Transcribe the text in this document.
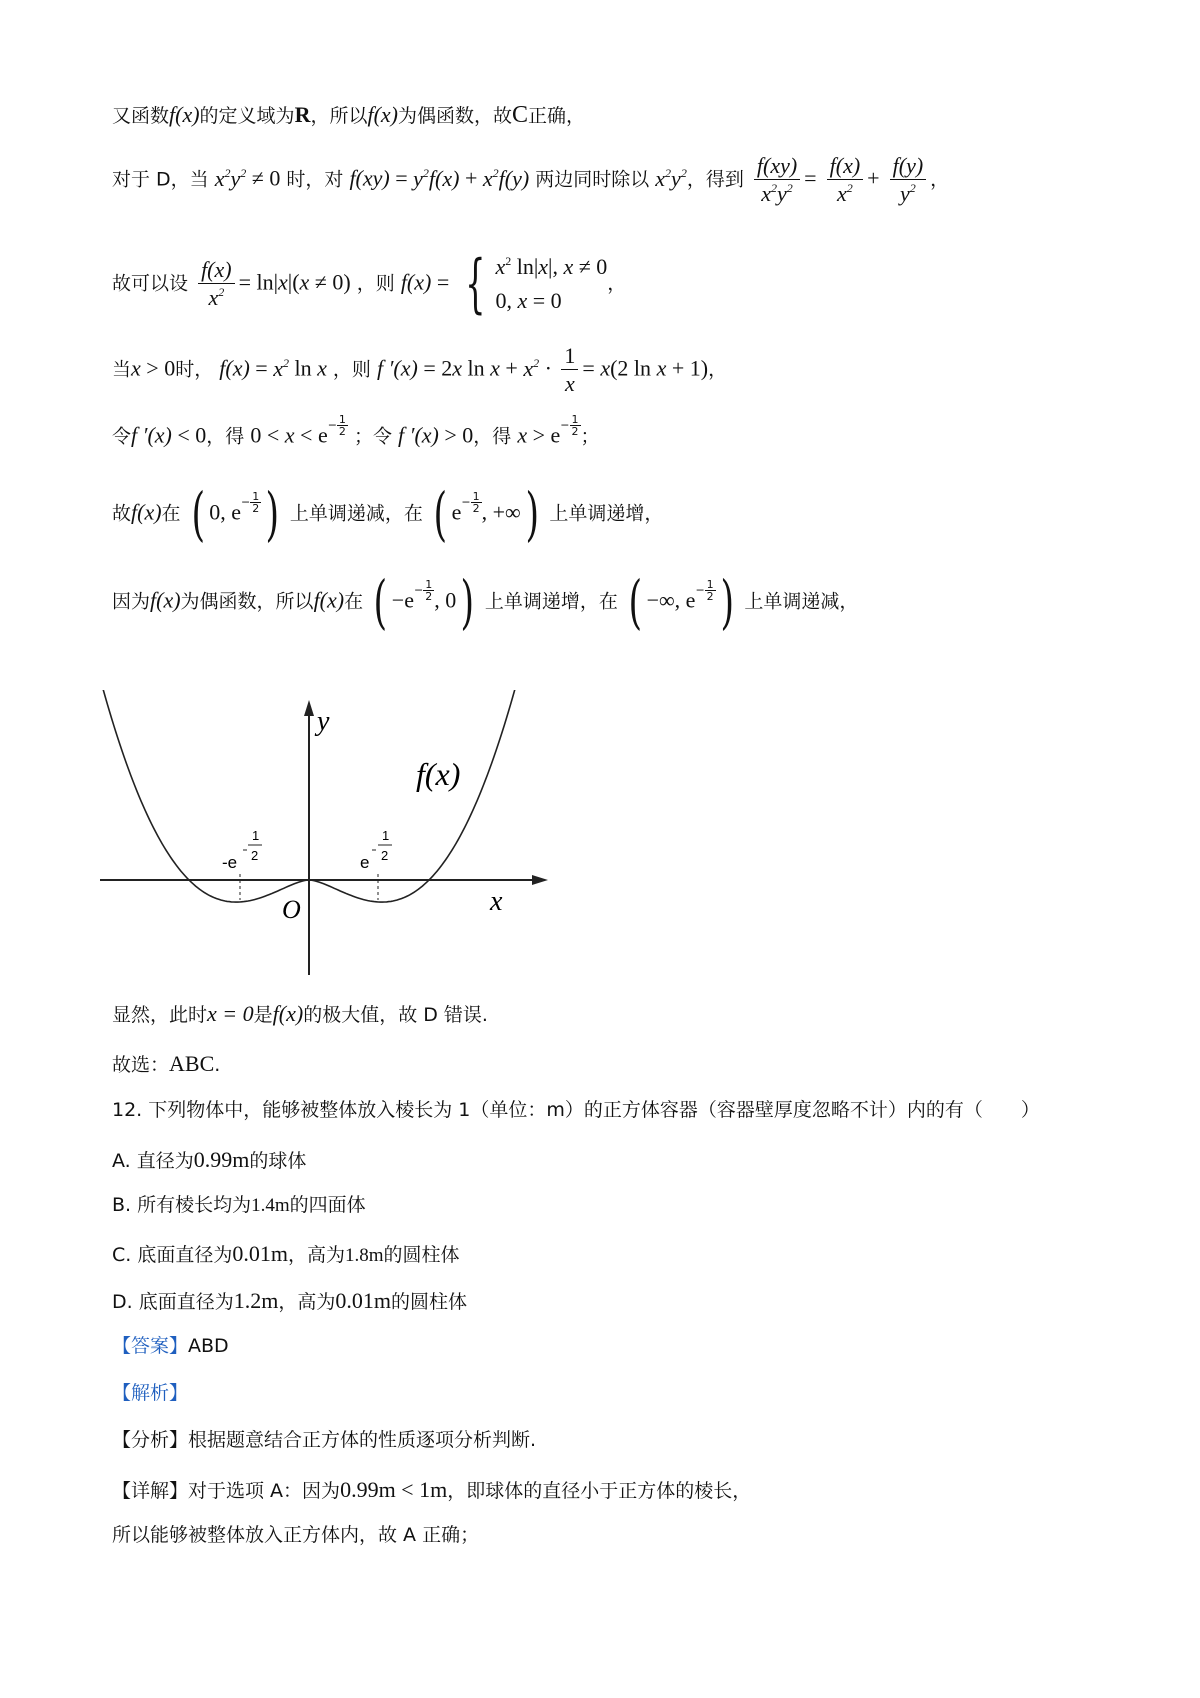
又函数f(x)的定义域为R，所以f(x)为偶函数，故C正确，
对于 D，当 $x^2y^2 \ne 0$ 时，对 $f(xy) = y^2f(x) + x^2f(y)$ 两边同时除以 $x^2y^2$，得到 $\frac{f(xy)}{x^2y^2} = \frac{f(x)}{x^2} + \frac{f(y)}{y^2}$ ，
故可以设 $\frac{f(x)}{x^2} = \ln|x|(x \ne 0)$ ，则 f(x) = { $x^2$ ln|x|, x ≠ 0
0, x = 0
，
当x > 0时， $f(x) = x^2$ ln x ，则 f ′(x) = 2x $\ln x + x^2 \cdot \frac{1}{x} = x(2$ ln x + 1)，
令f ′(x) < 0，得 $0 < x < e- \frac{1}{2}$ ；令 f ′(x) > 0，得 $x > e- \frac{1}{2}$ ；
故f(x)在 ( 0, $e- \frac{1}{2}$ ) 上单调递减，在 ( $e- \frac{1}{2}$ , +∞) 上单调递增，
因为f(x)为偶函数，所以f(x)在 ( $-e- \frac{1}{2}$ , 0) 上单调递增，在 ( −∞, $e- \frac{1}{2}$ ) 上单调递减，
y
x
O
f(x)
-e
1
2	e
1
2
显然，此时x = 0是f(x)的极大值，故 D 错误.
故选：ABC.
12. 下列物体中，能够被整体放入棱长为 1（单位：m）的正方体容器（容器壁厚度忽略不计）内的有（　　）
A. 直径为0.99m的球体
B. 所有棱长均为1.4m的四面体
C. 底面直径为0.01m，高为1.8m的圆柱体
D. 底面直径为1.2m，高为0.01m的圆柱体
【答案】ABD
【解析】
【分析】根据题意结合正方体的性质逐项分析判断.
【详解】对于选项 A：因为0.99m < 1m，即球体的直径小于正方体的棱长，
所以能够被整体放入正方体内，故 A 正确；
